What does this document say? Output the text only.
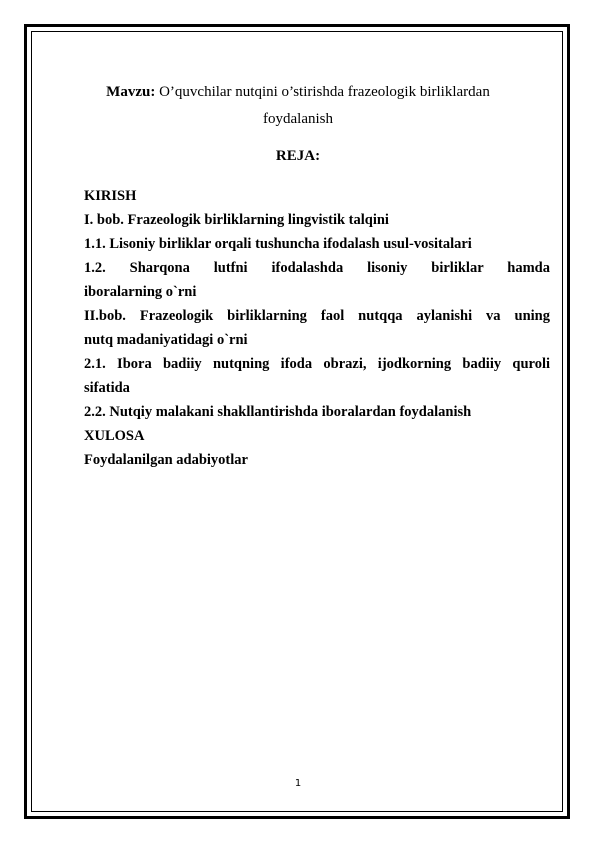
Mavzu: O’quvchilar nutqini o’stirishda frazeologik birliklardan foydalanish
REJA:
KIRISH
I. bob. Frazeologik birliklarning lingvistik talqini
1.1. Lisoniy birliklar orqali tushuncha ifodalash usul-vositalari
1.2. Sharqona lutfni ifodalashda lisoniy birliklar hamda
iboralarning o`rni
II.bob. Frazeologik birliklarning faol nutqqa aylanishi va uning
nutq madaniyatidagi o`rni
2.1. Ibora badiiy nutqning ifoda obrazi, ijodkorning badiiy quroli
sifatida
2.2. Nutqiy malakani shakllantirishda iboralardan foydalanish
XULOSA
Foydalanilgan adabiyotlar
1
